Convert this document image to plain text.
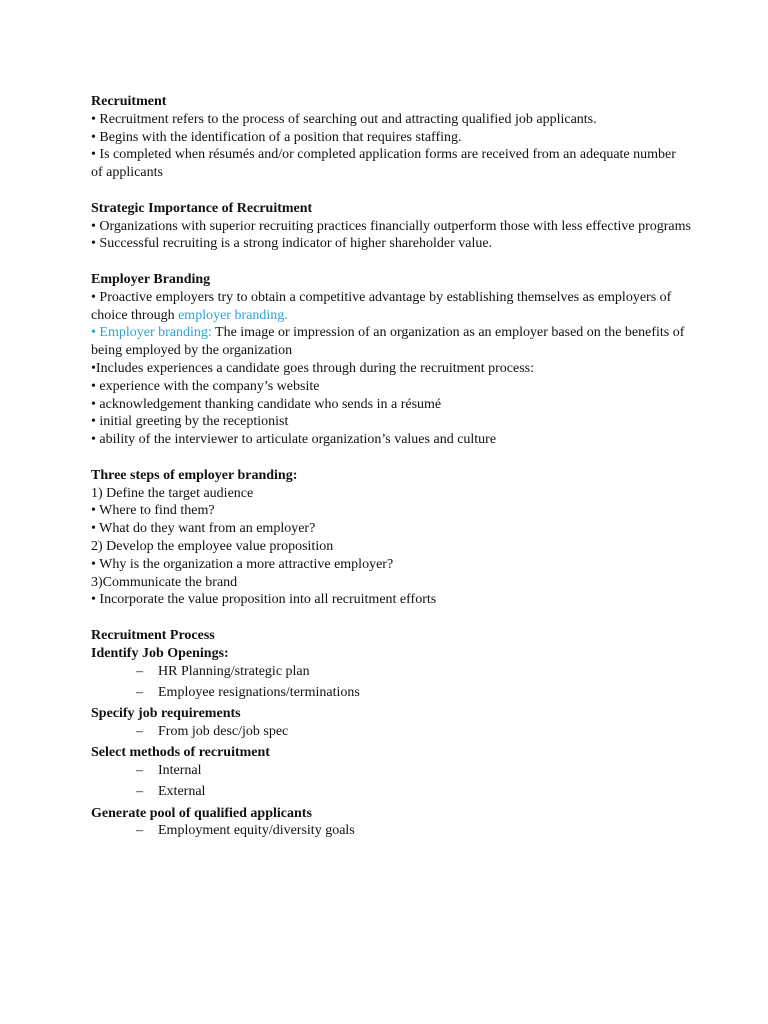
Recruitment
• Recruitment refers to the process of searching out and attracting qualified job applicants.
• Begins with the identification of a position that requires staffing.
• Is completed when résumés and/or completed application forms are received from an adequate number of applicants
Strategic Importance of Recruitment
• Organizations with superior recruiting practices financially outperform those with less effective programs
• Successful recruiting is a strong indicator of higher shareholder value.
Employer Branding
• Proactive employers try to obtain a competitive advantage by establishing themselves as employers of choice through employer branding.
• Employer branding: The image or impression of an organization as an employer based on the benefits of being employed by the organization
•Includes experiences a candidate goes through during the recruitment process:
• experience with the company’s website
• acknowledgement thanking candidate who sends in a résumé
• initial greeting by the receptionist
• ability of the interviewer to articulate organization’s values and culture
Three steps of employer branding:
1) Define the target audience
• Where to find them?
• What do they want from an employer?
2) Develop the employee value proposition
• Why is the organization a more attractive employer?
3)Communicate the brand
• Incorporate the value proposition into all recruitment efforts
Recruitment Process
Identify Job Openings:
–	HR Planning/strategic plan
–	Employee resignations/terminations
Specify job requirements
–	From job desc/job spec
Select methods of recruitment
–	Internal
–	External
Generate pool of qualified applicants
–	Employment equity/diversity goals
